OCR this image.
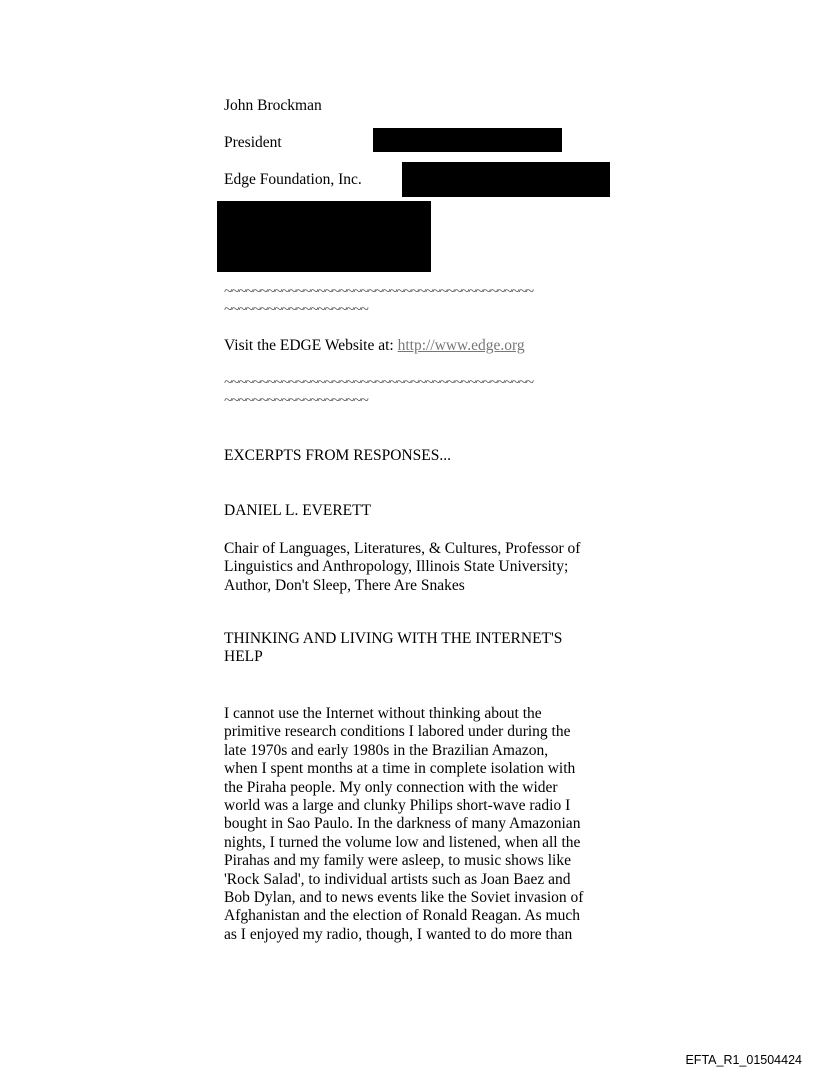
John Brockman

President

Edge Foundation, Inc.

~~~~~~~~~~~~~~~~~~~~~~~~~~~~~~~~~~~~~~~~~~~
~~~~~~~~~~~~~~~~~~~~

Visit the EDGE Website at: http://www.edge.org

~~~~~~~~~~~~~~~~~~~~~~~~~~~~~~~~~~~~~~~~~~~
~~~~~~~~~~~~~~~~~~~~

EXCERPTS FROM RESPONSES...

DANIEL L. EVERETT

Chair of Languages, Literatures, & Cultures, Professor of
Linguistics and Anthropology, Illinois State University;
Author, Don't Sleep, There Are Snakes

THINKING AND LIVING WITH THE INTERNET'S
HELP

I cannot use the Internet without thinking about the
primitive research conditions I labored under during the
late 1970s and early 1980s in the Brazilian Amazon,
when I spent months at a time in complete isolation with
the Piraha people. My only connection with the wider
world was a large and clunky Philips short-wave radio I
bought in Sao Paulo. In the darkness of many Amazonian
nights, I turned the volume low and listened, when all the
Pirahas and my family were asleep, to music shows like
'Rock Salad', to individual artists such as Joan Baez and
Bob Dylan, and to news events like the Soviet invasion of
Afghanistan and the election of Ronald Reagan. As much
as I enjoyed my radio, though, I wanted to do more than

EFTA_R1_01504424
